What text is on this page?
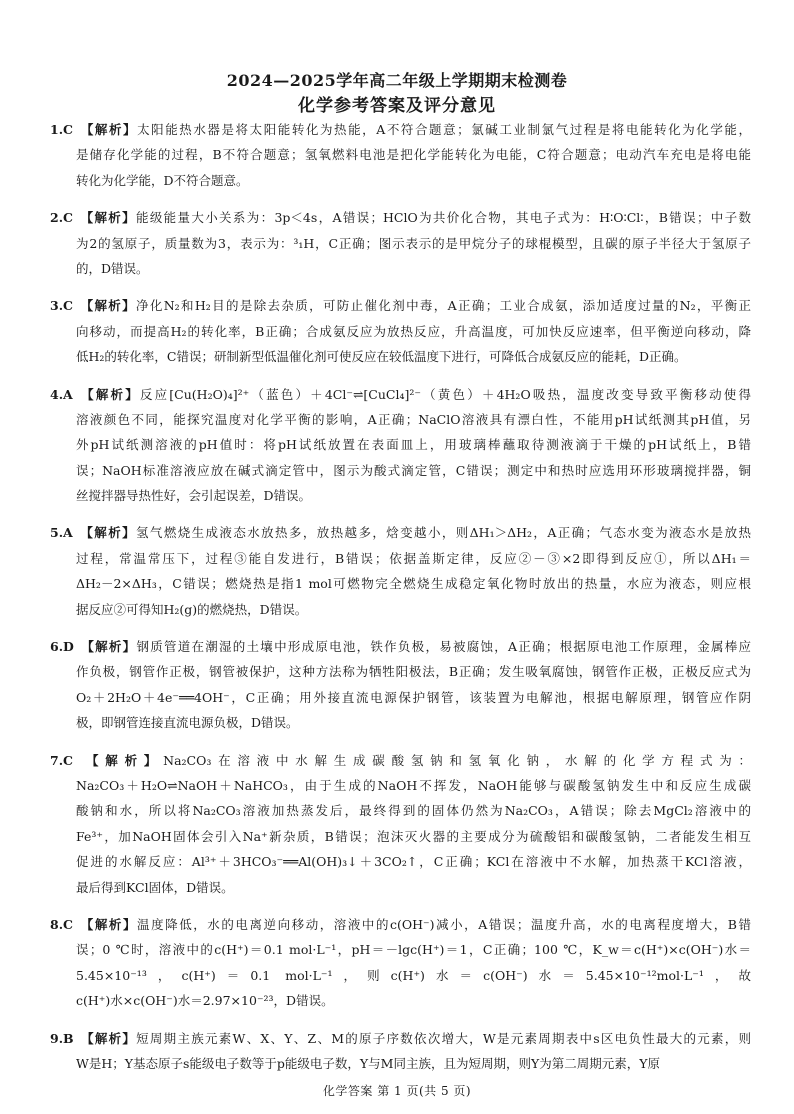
2024—2025学年高二年级上学期期末检测卷
化学参考答案及评分意见
1.C  【解析】太阳能热水器是将太阳能转化为热能，A不符合题意；氯碱工业制氯气过程是将电能转化为化学能，
是储存化学能的过程，B不符合题意；氢氧燃料电池是把化学能转化为电能，C符合题意；电动汽车充电是将电能
转化为化学能，D不符合题意。
2.C  【解析】能级能量大小关系为：3p＜4s，A错误；HClO为共价化合物，其电子式为：H∶O∶Cl∶，B错误；中子数
为2的氢原子，质量数为3，表示为：³₁H，C正确；图示表示的是甲烷分子的球棍模型，且碳的原子半径大于氢原子
的，D错误。
3.C  【解析】净化N₂和H₂目的是除去杂质，可防止催化剂中毒，A正确；工业合成氨，添加适度过量的N₂，平衡正
向移动，而提高H₂的转化率，B正确；合成氨反应为放热反应，升高温度，可加快反应速率，但平衡逆向移动，降
低H₂的转化率，C错误；研制新型低温催化剂可使反应在较低温度下进行，可降低合成氨反应的能耗，D正确。
4.A  【解析】反应[Cu(H₂O)₄]²⁺（蓝色）＋4Cl⁻⇌[CuCl₄]²⁻（黄色）＋4H₂O吸热，温度改变导致平衡移动使得
溶液颜色不同，能探究温度对化学平衡的影响，A正确；NaClO溶液具有漂白性，不能用pH试纸测其pH值，另
外pH试纸测溶液的pH值时：将pH试纸放置在表面皿上，用玻璃棒蘸取待测液滴于干燥的pH试纸上，B错
误；NaOH标准溶液应放在碱式滴定管中，图示为酸式滴定管，C错误；测定中和热时应选用环形玻璃搅拌器，铜
丝搅拌器导热性好，会引起误差，D错误。
5.A  【解析】氢气燃烧生成液态水放热多，放热越多，焓变越小，则ΔH₁＞ΔH₂，A正确；气态水变为液态水是放热
过程，常温常压下，过程③能自发进行，B错误；依据盖斯定律，反应②－③×2即得到反应①，所以ΔH₁＝
ΔH₂－2×ΔH₃，C错误；燃烧热是指1 mol可燃物完全燃烧生成稳定氧化物时放出的热量，水应为液态，则应根
据反应②可得知H₂(g)的燃烧热，D错误。
6.D  【解析】钢质管道在潮湿的土壤中形成原电池，铁作负极，易被腐蚀，A正确；根据原电池工作原理，金属棒应
作负极，钢管作正极，钢管被保护，这种方法称为牺牲阳极法，B正确；发生吸氧腐蚀，钢管作正极，正极反应式为
O₂＋2H₂O＋4e⁻══4OH⁻，C正确；用外接直流电源保护钢管，该装置为电解池，根据电解原理，钢管应作阴
极，即钢管连接直流电源负极，D错误。
7.C  【解析】Na₂CO₃在溶液中水解生成碳酸氢钠和氢氧化钠，水解的化学方程式为：
Na₂CO₃＋H₂O⇌NaOH＋NaHCO₃，由于生成的NaOH不挥发，NaOH能够与碳酸氢钠发生中和反应生成碳
酸钠和水，所以将Na₂CO₃溶液加热蒸发后，最终得到的固体仍然为Na₂CO₃，A错误；除去MgCl₂溶液中的
Fe³⁺，加NaOH固体会引入Na⁺新杂质，B错误；泡沫灭火器的主要成分为硫酸铝和碳酸氢钠，二者能发生相互
促进的水解反应：Al³⁺＋3HCO₃⁻══Al(OH)₃↓＋3CO₂↑，C正确；KCl在溶液中不水解，加热蒸干KCl溶液，
最后得到KCl固体，D错误。
8.C  【解析】温度降低，水的电离逆向移动，溶液中的c(OH⁻)减小，A错误；温度升高，水的电离程度增大，B错
误；0 ℃时，溶液中的c(H⁺)＝0.1 mol·L⁻¹，pH＝－lgc(H⁺)＝1，C正确；100 ℃，K_w＝c(H⁺)×c(OH⁻)水＝
5.45×10⁻¹³，c(H⁺)＝0.1 mol·L⁻¹，则c(H⁺)水＝c(OH⁻)水＝5.45×10⁻¹²mol·L⁻¹，故
c(H⁺)水×c(OH⁻)水＝2.97×10⁻²³，D错误。
9.B  【解析】短周期主族元素W、X、Y、Z、M的原子序数依次增大，W是元素周期表中s区电负性最大的元素，则
W是H；Y基态原子s能级电子数等于p能级电子数，Y与M同主族，且为短周期，则Y为第二周期元素，Y原
化学答案 第 1 页(共 5 页)
